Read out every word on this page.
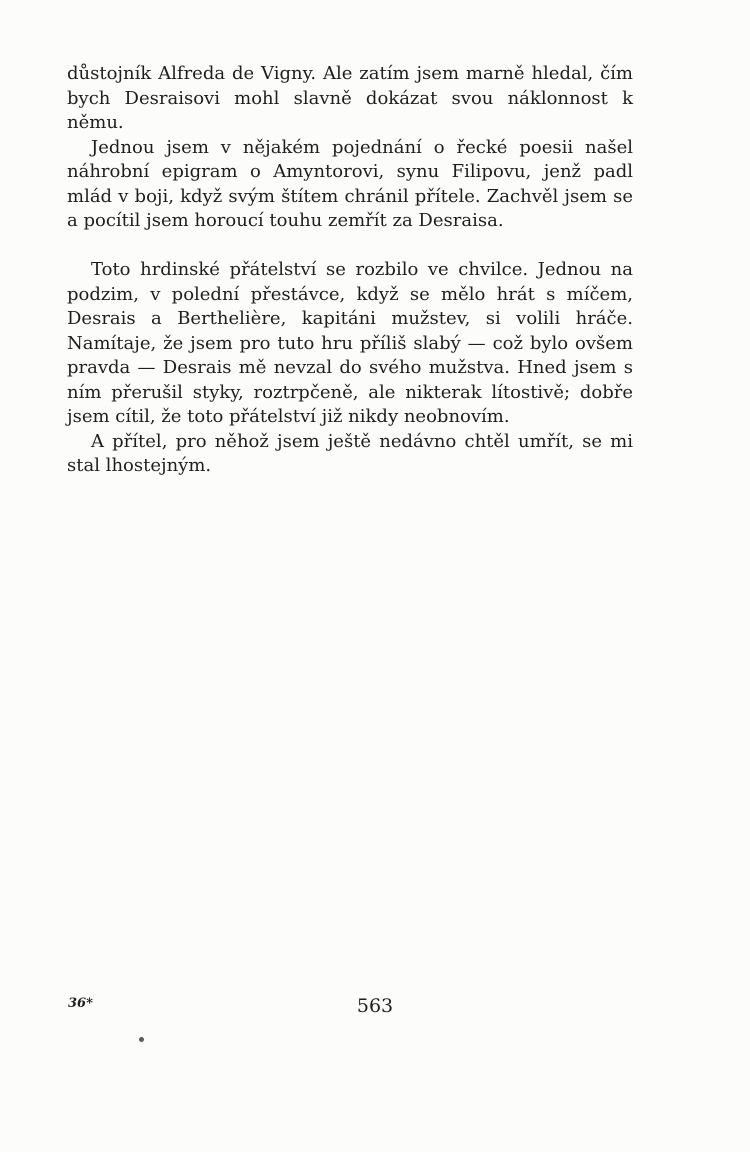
důstojník Alfreda de Vigny. Ale zatím jsem marně hledal, čím bych Desraisovi mohl slavně dokázat svou náklonnost k němu.

Jednou jsem v nějakém pojednání o řecké poesii našel náhrobní epigram o Amyntorovi, synu Filipovu, jenž padl mlád v boji, když svým štítem chránil přítele. Zachvěl jsem se a pocítil jsem horoucí touhu zemřít za Desraisa.

Toto hrdinské přátelství se rozbilo ve chvilce. Jednou na podzim, v polední přestávce, když se mělo hrát s míčem, Desrais a Berthelière, kapitáni mužstev, si volili hráče. Namítaje, že jsem pro tuto hru příliš slabý — což bylo ovšem pravda — Desrais mě nevzal do svého mužstva. Hned jsem s ním přerušil styky, roztrpčeně, ale nikterak lítostivě; dobře jsem cítil, že toto přátelství již nikdy neobnovím.

A přítel, pro něhož jsem ještě nedávno chtěl umřít, se mi stal lhostejným.

36*	563
